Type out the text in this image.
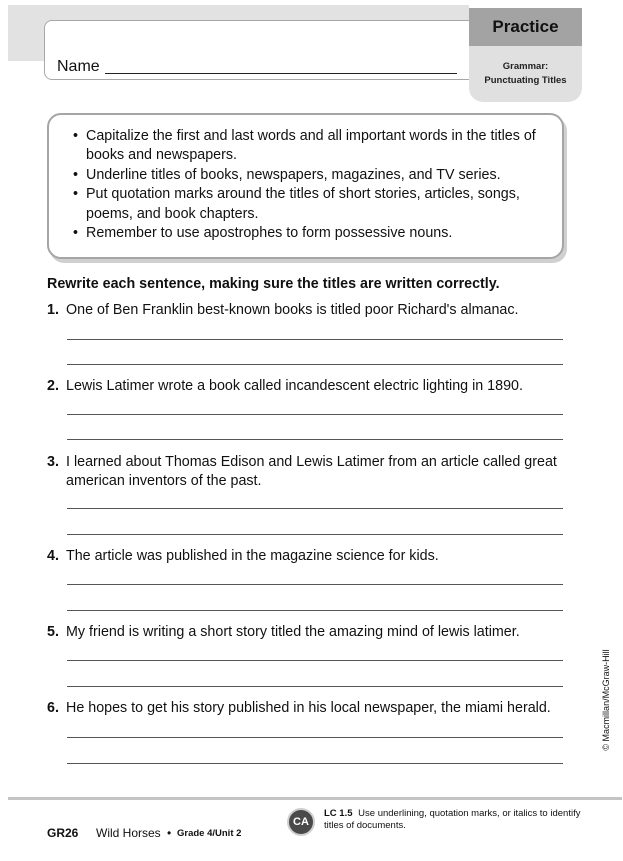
Name
Practice
Grammar:
Punctuating Titles
• Capitalize the first and last words and all important words in the titles of books and newspapers.
• Underline titles of books, newspapers, magazines, and TV series.
• Put quotation marks around the titles of short stories, articles, songs, poems, and book chapters.
• Remember to use apostrophes to form possessive nouns.
Rewrite each sentence, making sure the titles are written correctly.
1. One of Ben Franklin best-known books is titled poor Richard's almanac.
2. Lewis Latimer wrote a book called incandescent electric lighting in 1890.
3. I learned about Thomas Edison and Lewis Latimer from an article called great american inventors of the past.
4. The article was published in the magazine science for kids.
5. My friend is writing a short story titled the amazing mind of lewis latimer.
6. He hopes to get his story published in his local newspaper, the miami herald.	© Macmillan/McGraw-Hill
GR26 Wild Horses • Grade 4/Unit 2
CA
LC 1.5 Use underlining, quotation marks, or italics to identify titles of documents.
